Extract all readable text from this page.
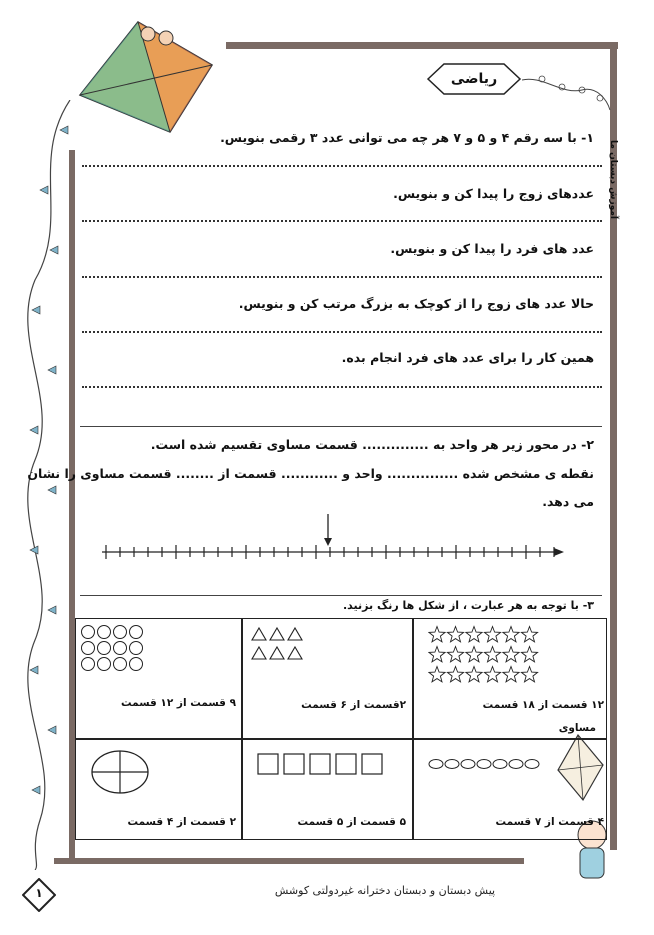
ریاضی
آموزش دبستان ما
۱- با سه رقم ۴ و ۵ و ۷ هر چه می توانی عدد ۳ رقمی بنویس.
عددهای زوج را پیدا کن و بنویس.
عدد های فرد را پیدا کن و بنویس.
حالا عدد های زوج را از کوچک به بزرگ مرتب کن و بنویس.
همین کار را برای عدد های فرد انجام بده.
۲- در محور زیر هر واحد به .............. قسمت مساوی تقسیم شده است.
نقطه ی مشخص شده ............... واحد و ............ قسمت از ........ قسمت مساوی را نشان
می دهد.
۳- با توجه به هر عبارت ، از شکل ها رنگ بزنید.
۱۲ قسمت از ۱۸ قسمت
مساوی
۲قسمت از ۶ قسمت
۹ قسمت از ۱۲ قسمت
۴ قسمت از ۷ قسمت
۵ قسمت از ۵ قسمت
۲ قسمت از ۴ قسمت
۱	پیش دبستان و دبستان دخترانه غیردولتی کوشش
